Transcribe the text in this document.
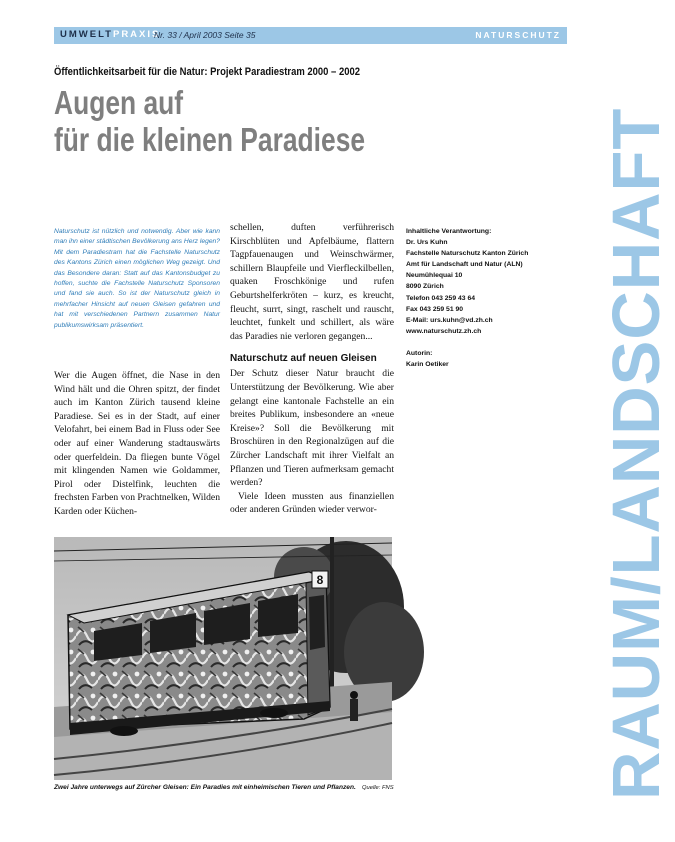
UMWELTPRAXIS
Nr. 33 / April 2003 Seite 35	NATURSCHUTZ
Öffentlichkeitsarbeit für die Natur: Projekt Paradiestram 2000 – 2002
Augen auf
für die kleinen Paradiese	RAUM/LANDSCHAFT

Naturschutz ist nützlich und notwendig. Aber wie kann man ihn einer städtischen Bevölkerung ans Herz legen? Mit dem Paradiestram hat die Fachstelle Naturschutz des Kantons Zürich einen möglichen Weg gezeigt. Und das Besondere daran: Statt auf das Kantonsbudget zu hoffen, suchte die Fachstelle Naturschutz Sponsoren und fand sie auch. So ist der Naturschutz gleich in mehrfacher Hinsicht auf neuen Gleisen gefahren und hat mit verschiedenen Partnern zusammen Natur publikumswirksam präsentiert.

Wer die Augen öffnet, die Nase in den Wind hält und die Ohren spitzt, der findet auch im Kanton Zürich tausend kleine Paradiese. Sei es in der Stadt, auf einer Velofahrt, bei einem Bad in Fluss oder See oder auf einer Wanderung stadtauswärts oder querfeldein. Da fliegen bunte Vögel mit klingenden Namen wie Goldammer, Pirol oder Distelfink, leuchten die frechsten Farben von Prachtnelken, Wilden Karden oder Küchen-

schellen, duften verführerisch Kirschblüten und Apfelbäume, flattern Tagpfauenaugen und Weinschwärmer, schillern Blaupfeile und Vierfleckilbellen, quaken Froschkönige und rufen Geburtshelferkröten – kurz, es kreucht, fleucht, surrt, singt, raschelt und rauscht, leuchtet, funkelt und schillert, als wäre das Paradies nie verloren gegangen...

Naturschutz auf neuen Gleisen

Der Schutz dieser Natur braucht die Unterstützung der Bevölkerung. Wie aber gelangt eine kantonale Fachstelle an ein breites Publikum, insbesondere an «neue Kreise»? Soll die Bevölkerung mit Broschüren in den Regionalzügen auf die Zürcher Landschaft mit ihrer Vielfalt an Pflanzen und Tieren aufmerksam gemacht werden?

Viele Ideen mussten aus finanziellen oder anderen Gründen wieder verwor-

Inhaltliche Verantwortung:
Dr. Urs Kuhn
Fachstelle Naturschutz Kanton Zürich
Amt für Landschaft und Natur (ALN)
Neumühlequai 10
8090 Zürich
Telefon 043 259 43 64
Fax 043 259 51 90
E-Mail: urs.kuhn@vd.zh.ch
www.naturschutz.zh.ch
Autorin:
Karin Oetiker
8
Zwei Jahre unterwegs auf Zürcher Gleisen: Ein Paradies mit einheimischen Tieren und Pflanzen. Quelle: FNS
